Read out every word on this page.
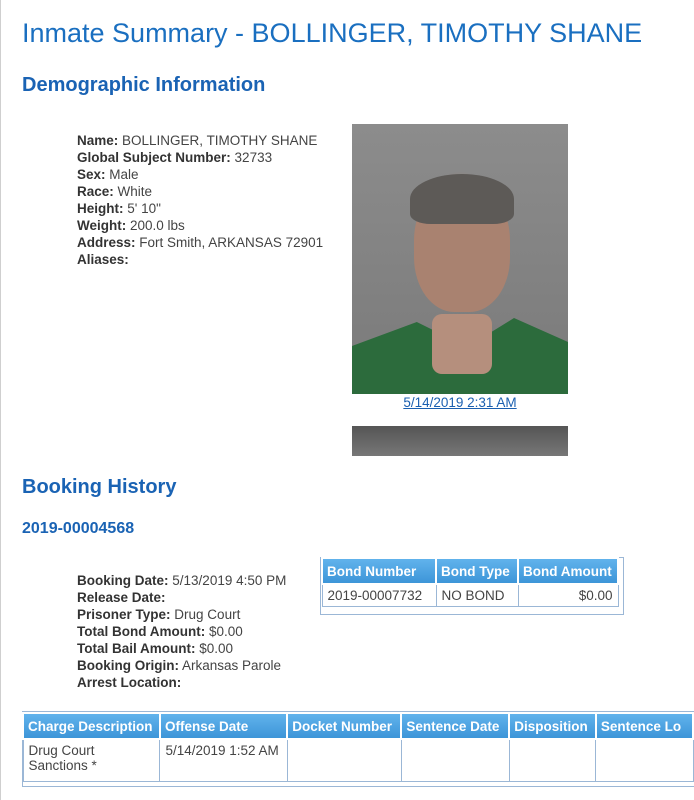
Inmate Summary - BOLLINGER, TIMOTHY SHANE
Demographic Information
Name: BOLLINGER, TIMOTHY SHANE
Global Subject Number: 32733
Sex: Male
Race: White
Height: 5' 10"
Weight: 200.0 lbs
Address: Fort Smith, ARKANSAS 72901
Aliases:
5/14/2019 2:31 AM
Booking History
2019-00004568
Booking Date: 5/13/2019 4:50 PM
Release Date:
Prisoner Type: Drug Court
Total Bond Amount: $0.00
Total Bail Amount: $0.00
Booking Origin: Arkansas Parole
Arrest Location:
Bond Number	Bond Type	Bond Amount
2019-00007732	NO BOND	$0.00
Charge Description	Offense Date	Docket Number	Sentence Date	Disposition	Sentence Lo
Drug Court Sanctions *	5/14/2019 1:52 AM				
